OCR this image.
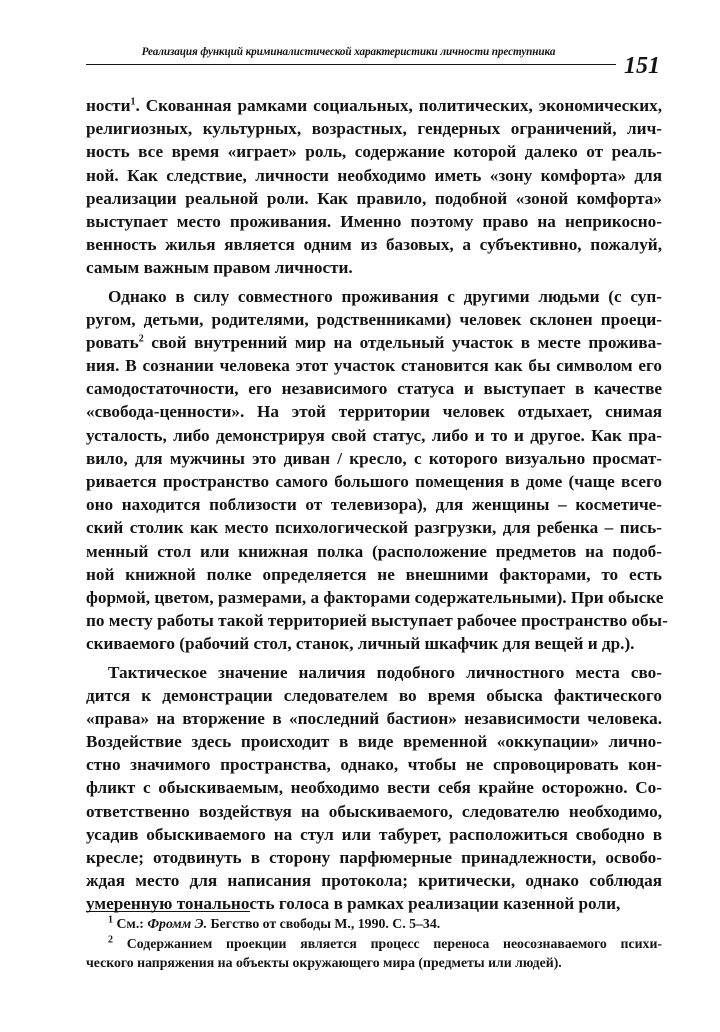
Реализация функций криминалистической характеристики личности преступника
151
ности$^1$. Скованная рамками социальных, политических, экономических,
религиозных, культурных, возрастных, гендерных ограничений, лич-
ность все время «играет» роль, содержание которой далеко от реаль-
ной. Как следствие, личности необходимо иметь «зону комфорта» для
реализации реальной роли. Как правило, подобной «зоной комфорта»
выступает место проживания. Именно поэтому право на неприкосно-
венность жилья является одним из базовых, а субъективно, пожалуй,
самым важным правом личности.
Однако в силу совместного проживания с другими людьми (с суп-
ругом, детьми, родителями, родственниками) человек склонен проеци-
ровать$^2$ свой внутренний мир на отдельный участок в месте прожива-
ния. В сознании человека этот участок становится как бы символом его
самодостаточности, его независимого статуса и выступает в качестве
«свобода-ценности». На этой территории человек отдыхает, снимая
усталость, либо демонстрируя свой статус, либо и то и другое. Как пра-
вило, для мужчины это диван / кресло, с которого визуально просмат-
ривается пространство самого большого помещения в доме (чаще всего
оно находится поблизости от телевизора), для женщины – косметиче-
ский столик как место психологической разгрузки, для ребенка – пись-
менный стол или книжная полка (расположение предметов на подоб-
ной книжной полке определяется не внешними факторами, то есть
формой, цветом, размерами, а факторами содержательными). При обыске
по месту работы такой территорией выступает рабочее пространство обы-
скиваемого (рабочий стол, станок, личный шкафчик для вещей и др.).
Тактическое значение наличия подобного личностного места сво-
дится к демонстрации следователем во время обыска фактического
«права» на вторжение в «последний бастион» независимости человека.
Воздействие здесь происходит в виде временной «оккупации» лично-
стно значимого пространства, однако, чтобы не спровоцировать кон-
фликт с обыскиваемым, необходимо вести себя крайне осторожно. Со-
ответственно воздействуя на обыскиваемого, следователю необходимо,
усадив обыскиваемого на стул или табурет, расположиться свободно в
кресле; отодвинуть в сторону парфюмерные принадлежности, освобо-
ждая место для написания протокола; критически, однако соблюдая
умеренную тональность голоса в рамках реализации казенной роли,
$^1$ См.: Фромм Э. Бегство от свободы М., 1990. С. 5–34.
$^2$ Содержанием проекции является процесс переноса неосознаваемого психи-
ческого напряжения на объекты окружающего мира (предметы или людей).
